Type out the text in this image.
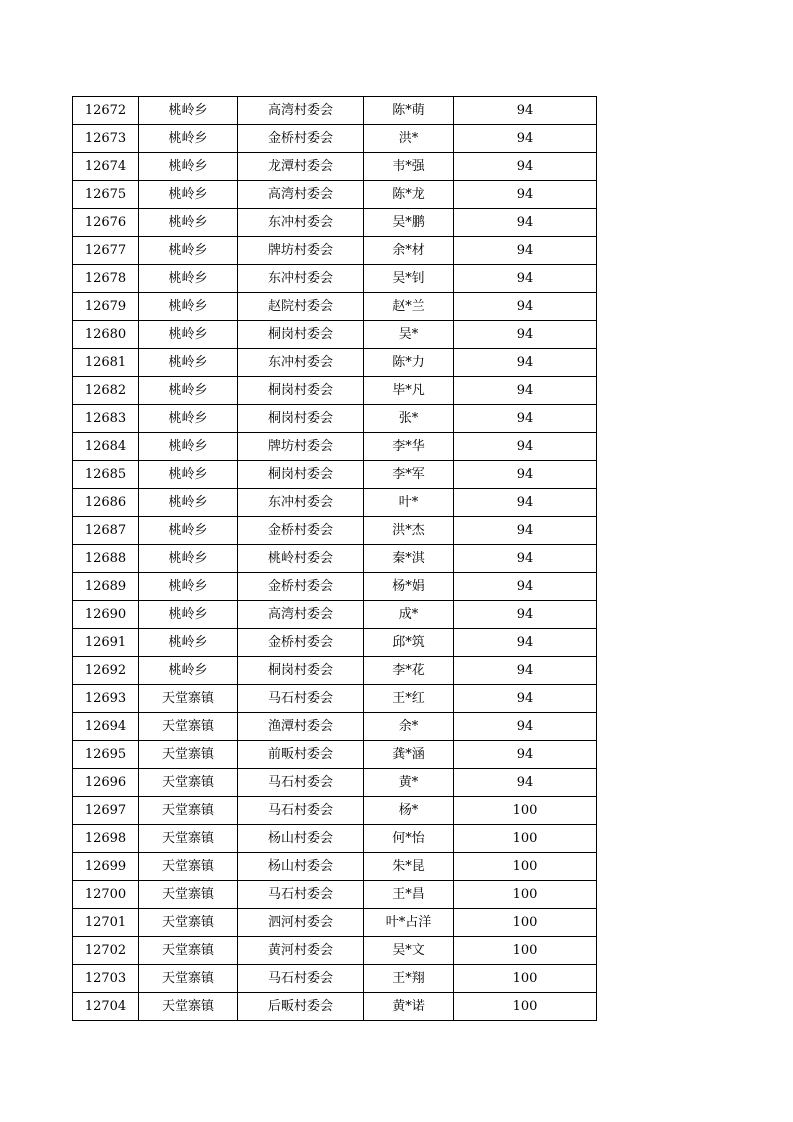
12672	桃岭乡	高湾村委会	陈*萌	94
12673	桃岭乡	金桥村委会	洪*	94
12674	桃岭乡	龙潭村委会	韦*强	94
12675	桃岭乡	高湾村委会	陈*龙	94
12676	桃岭乡	东冲村委会	吴*鹏	94
12677	桃岭乡	牌坊村委会	余*材	94
12678	桃岭乡	东冲村委会	吴*钊	94
12679	桃岭乡	赵院村委会	赵*兰	94
12680	桃岭乡	桐岗村委会	吴*	94
12681	桃岭乡	东冲村委会	陈*力	94
12682	桃岭乡	桐岗村委会	毕*凡	94
12683	桃岭乡	桐岗村委会	张*	94
12684	桃岭乡	牌坊村委会	李*华	94
12685	桃岭乡	桐岗村委会	李*军	94
12686	桃岭乡	东冲村委会	叶*	94
12687	桃岭乡	金桥村委会	洪*杰	94
12688	桃岭乡	桃岭村委会	秦*淇	94
12689	桃岭乡	金桥村委会	杨*娟	94
12690	桃岭乡	高湾村委会	成*	94
12691	桃岭乡	金桥村委会	邱*筑	94
12692	桃岭乡	桐岗村委会	李*花	94
12693	天堂寨镇	马石村委会	王*红	94
12694	天堂寨镇	渔潭村委会	余*	94
12695	天堂寨镇	前畈村委会	龚*涵	94
12696	天堂寨镇	马石村委会	黄*	94
12697	天堂寨镇	马石村委会	杨*	100
12698	天堂寨镇	杨山村委会	何*怡	100
12699	天堂寨镇	杨山村委会	朱*昆	100
12700	天堂寨镇	马石村委会	王*昌	100
12701	天堂寨镇	泗河村委会	叶*占洋	100
12702	天堂寨镇	黄河村委会	吴*文	100
12703	天堂寨镇	马石村委会	王*翔	100
12704	天堂寨镇	后畈村委会	黄*诺	100
